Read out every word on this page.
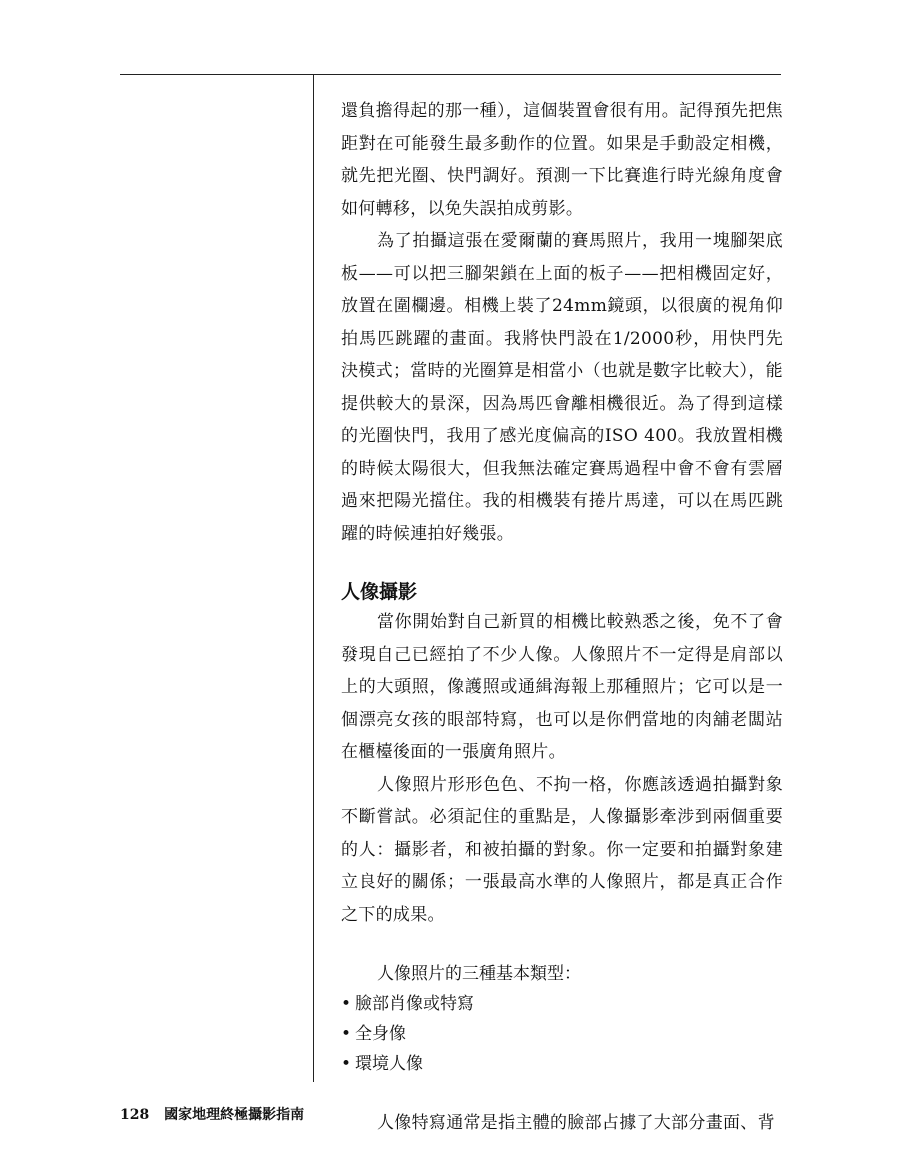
還負擔得起的那一種），這個裝置會很有用。記得預先把焦距對在可能發生最多動作的位置。如果是手動設定相機，就先把光圈、快門調好。預測一下比賽進行時光線角度會如何轉移，以免失誤拍成剪影。

為了拍攝這張在愛爾蘭的賽馬照片，我用一塊腳架底板——可以把三腳架鎖在上面的板子——把相機固定好，放置在圍欄邊。相機上裝了24mm鏡頭，以很廣的視角仰拍馬匹跳躍的畫面。我將快門設在1/2000秒，用快門先決模式；當時的光圈算是相當小（也就是數字比較大），能提供較大的景深，因為馬匹會離相機很近。為了得到這樣的光圈快門，我用了感光度偏高的ISO 400。我放置相機的時候太陽很大，但我無法確定賽馬過程中會不會有雲層過來把陽光擋住。我的相機裝有捲片馬達，可以在馬匹跳躍的時候連拍好幾張。

人像攝影

當你開始對自己新買的相機比較熟悉之後，免不了會發現自己已經拍了不少人像。人像照片不一定得是肩部以上的大頭照，像護照或通緝海報上那種照片；它可以是一個漂亮女孩的眼部特寫，也可以是你們當地的肉舖老闆站在櫃檯後面的一張廣角照片。

人像照片形形色色、不拘一格，你應該透過拍攝對象不斷嘗試。必須記住的重點是，人像攝影牽涉到兩個重要的人：攝影者，和被拍攝的對象。你一定要和拍攝對象建立良好的關係；一張最高水準的人像照片，都是真正合作之下的成果。

人像照片的三種基本類型：

• 臉部肖像或特寫
• 全身像
• 環境人像

人像特寫通常是指主體的臉部占據了大部分畫面、背

128 國家地理終極攝影指南
